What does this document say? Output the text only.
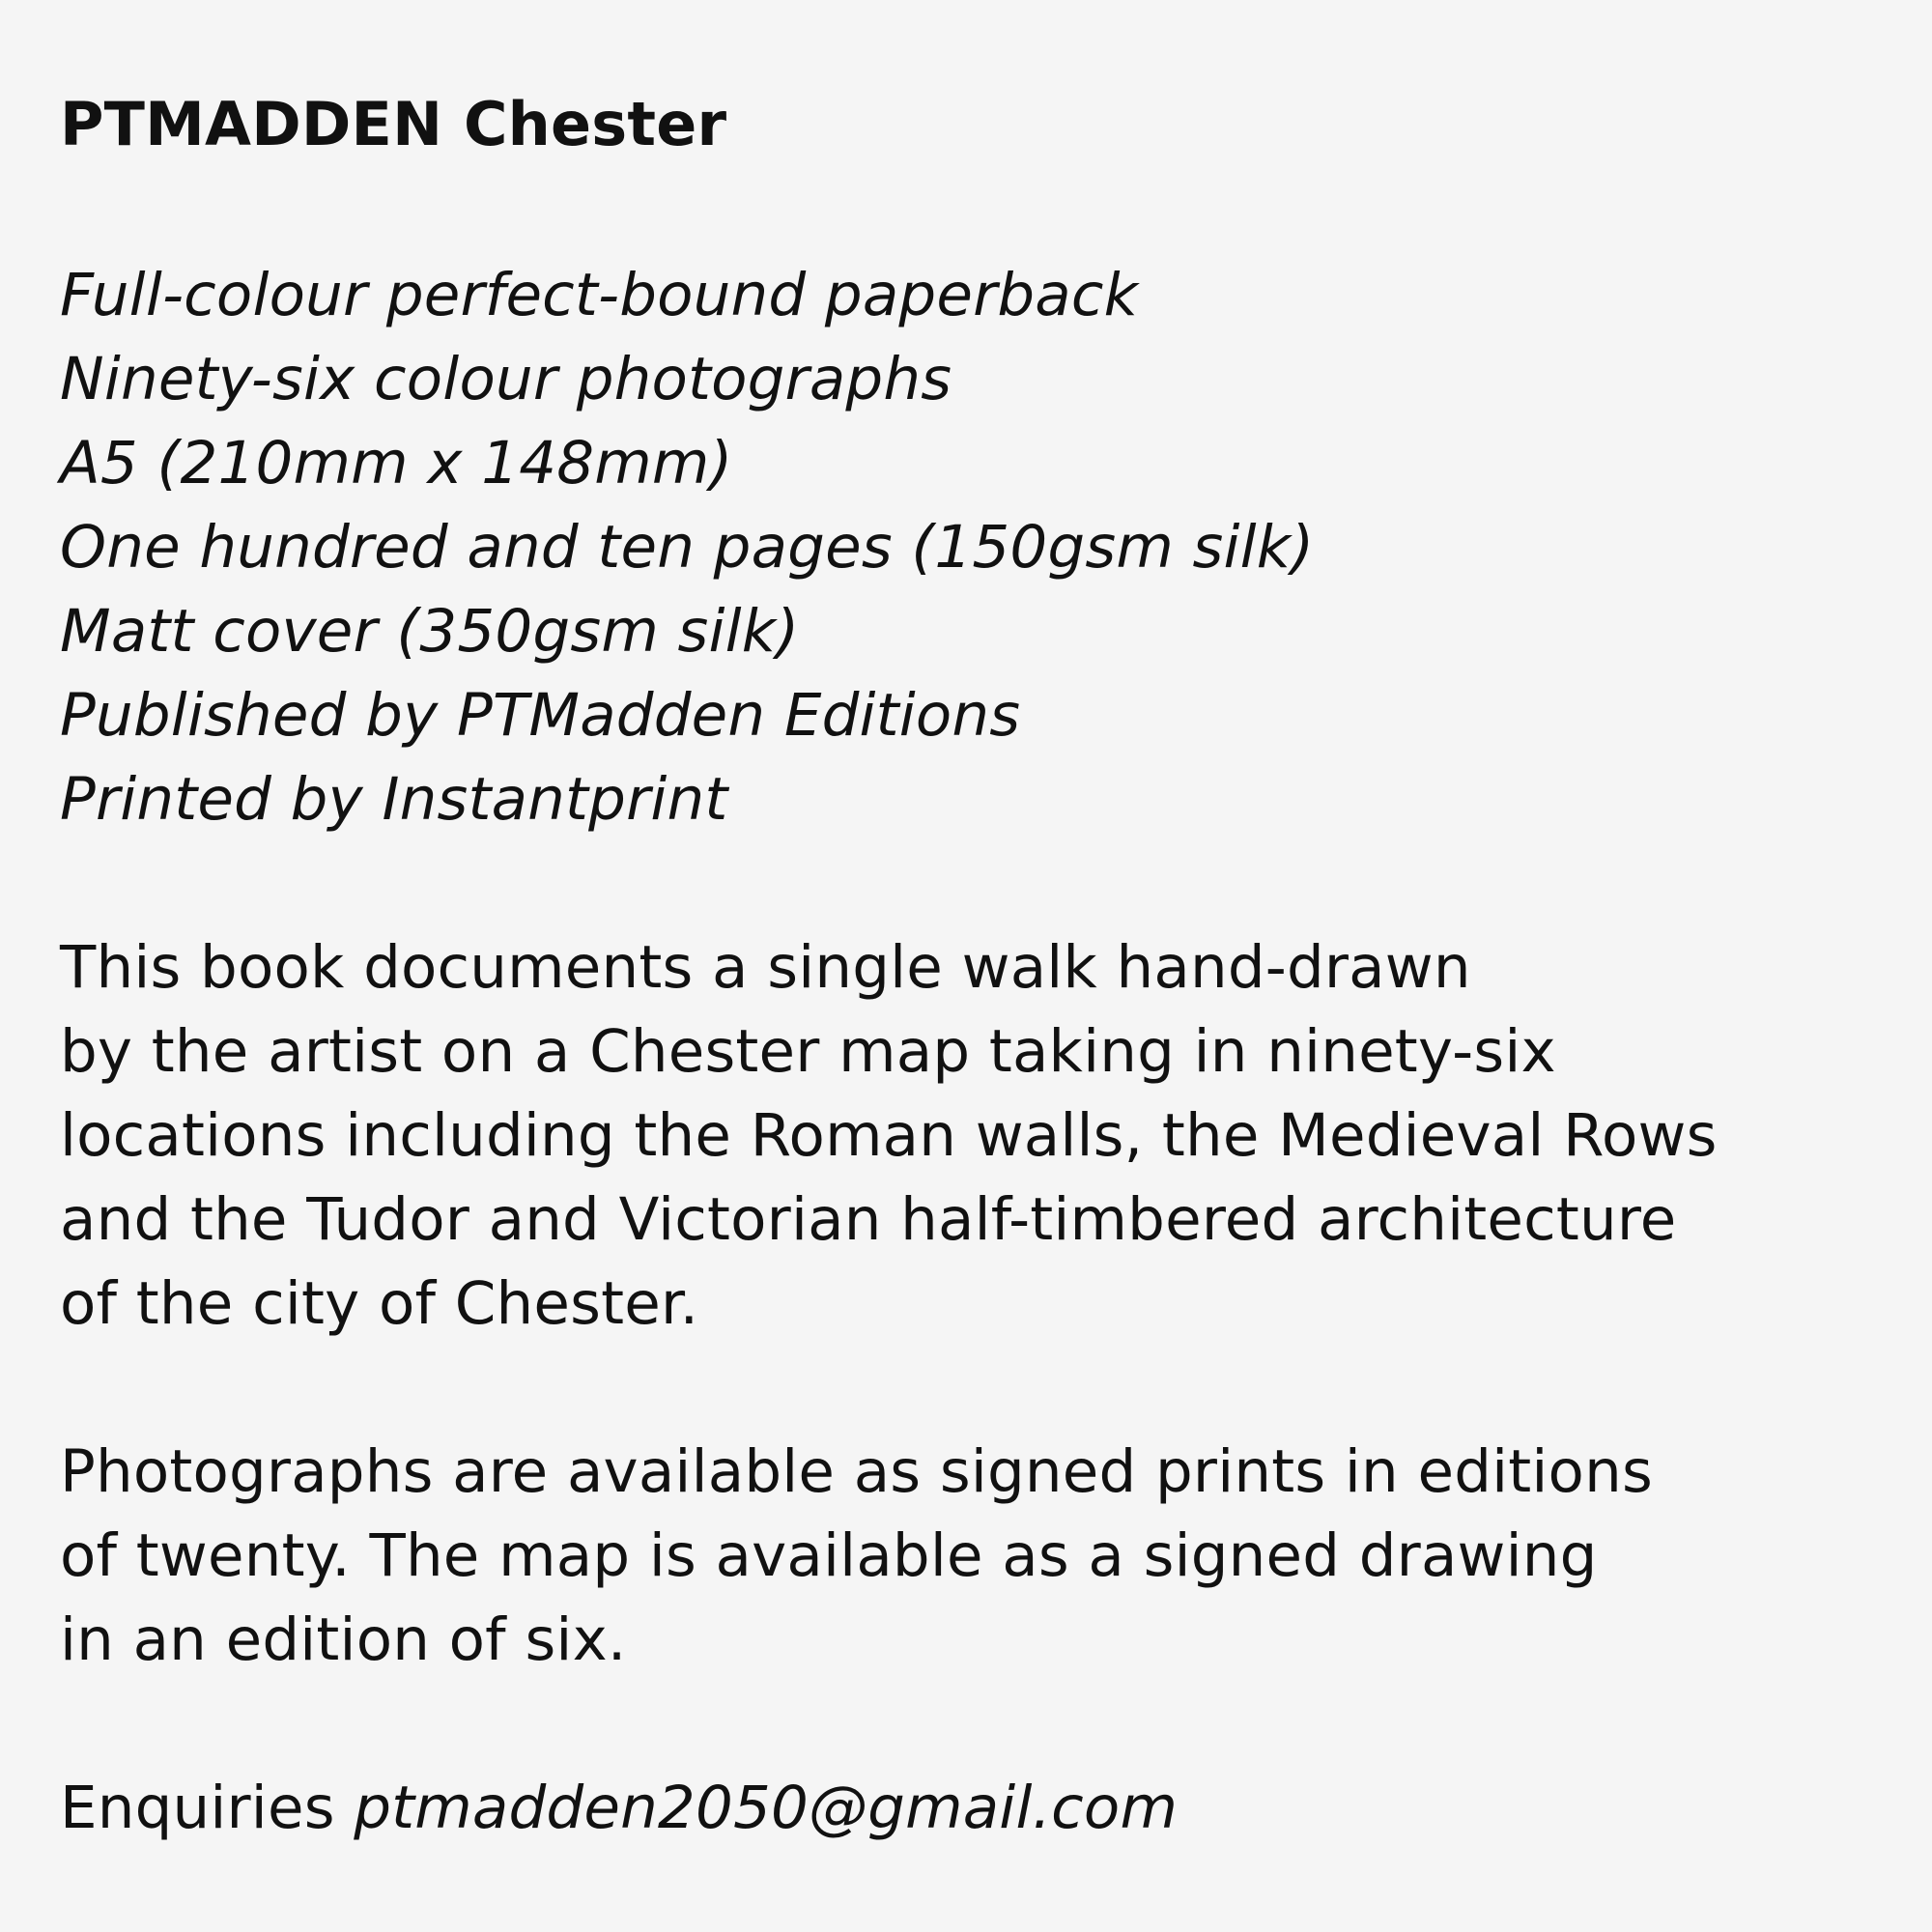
PTMADDEN Chester
Full-colour perfect-bound paperback
Ninety-six colour photographs
A5 (210mm x 148mm)
One hundred and ten pages (150gsm silk)
Matt cover (350gsm silk)
Published by PTMadden Editions
Printed by Instantprint
This book documents a single walk hand-drawn
by the artist on a Chester map taking in ninety-six
locations including the Roman walls, the Medieval Rows
and the Tudor and Victorian half-timbered architecture
of the city of Chester.
Photographs are available as signed prints in editions
of twenty. The map is available as a signed drawing
in an edition of six.
Enquiries ptmadden2050@gmail.com
